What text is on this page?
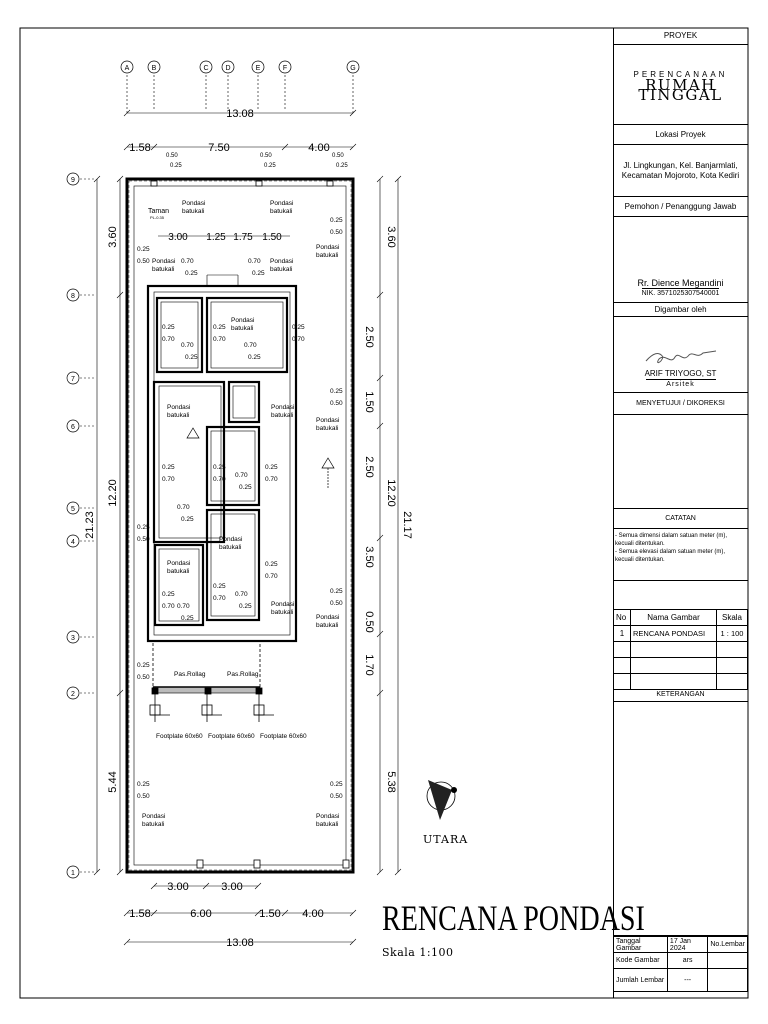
A	B	C D	E	F	G
9
8
7
6
5
4
3
2
1
13.08
1.58	7.50	4.00
13.08
1.58	6.00	1.50 4.00
3.00	3.00
3.00 1.25 1.75 1.50
0.50
0.25
0.50
0.25
0.50
0.25
3.60
12.20
5.44
21.23
3.60
2.50
1.50
2.50
3.50
0.50
1.70
5.38
12.20
21.17
Pondasi batukali
Pondasi batukali
Pondasi batukali
Pondasi batukali
Pondasi batukali
Pondasi batukali
Pondasi batukali
Pondasi batukali
Pondasi batukali
Pondasi batukali
Pondasi batukali
Pondasi batukali
Pondasi batukali
Pondasi batukali
Pondasi batukali
Taman
PL-0.35
Pas.Rollag	Pas.Rollag
Footplate 60x60 Footplate 60x60 Footplate 60x60
0.25
0.50
0.25
0.50
0.70
0.25
0.70
0.25
0.25
0.70
0.25
0.70
0.70
0.25
0.70
0.25
0.25
0.70
0.25
0.50
0.25
0.70
0.25
0.70
0.70
0.25
0.25
0.70
0.70
0.25
0.25
0.50
0.25
0.70
0.25
0.70 0.70
0.25
0.25
0.70
0.70
0.25
0.25
0.50
0.25
0.50
0.25
0.50
0.25
0.50
UTARA
RENCANA PONDASI
Skala 1:100
PROYEK
PERENCANAAN
RUMAH TINGGAL
Lokasi Proyek
Jl. Lingkungan, Kel. Banjarmlati,
Kecamatan Mojoroto, Kota Kediri
Pemohon / Penanggung Jawab
Rr. Dience Megandini
NIK. 3571025307540001
Digambar oleh
ARIF TRIYOGO, ST
Arsitek
MENYETUJUI / DIKOREKSI
CATATAN
- Semua dimensi dalam satuan meter (m),
kecuali ditentukan.
- Semua elevasi dalam satuan meter (m),
kecuali ditentukan.
No	Nama Gambar	Skala
1	RENCANA PONDASI	1 : 100

KETERANGAN
Tanggal Gambar	17 Jan 2024	No.Lembar
Kode Gambar	ars	
Jumlah Lembar	---	
